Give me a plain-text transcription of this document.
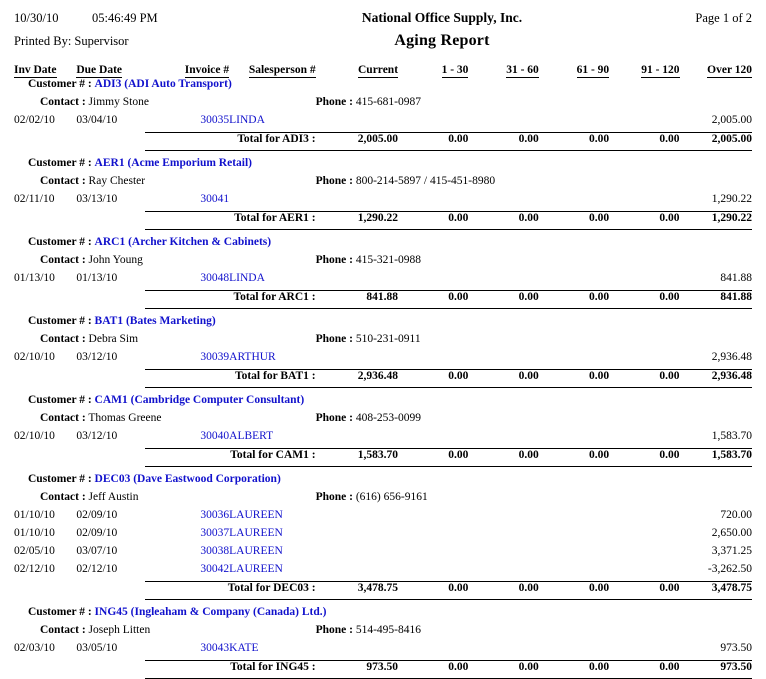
10/30/10	05:46:49 PM	National Office Supply, Inc.	Page 1 of 2
Printed By: Supervisor	Aging Report
Inv Date	Due Date	Invoice #	Salesperson #	Current	1 - 30	31 - 60	61 - 90	91 - 120	Over 120
Customer # : ADI3 (ADI Auto Transport)									
Contact : Jimmy Stone				Phone : 415-681-0987					
02/02/10	03/04/10	30035	LINDA						2,005.00
		Total for ADI3 :		2,005.00	0.00	0.00	0.00	0.00	2,005.00

Customer # : AER1 (Acme Emporium Retail)									
Contact : Ray Chester				Phone : 800-214-5897 / 415-451-8980					
02/11/10	03/13/10	30041							1,290.22
		Total for AER1 :		1,290.22	0.00	0.00	0.00	0.00	1,290.22

Customer # : ARC1 (Archer Kitchen & Cabinets)									
Contact : John Young				Phone : 415-321-0988					
01/13/10	01/13/10	30048	LINDA						841.88
		Total for ARC1 :		841.88	0.00	0.00	0.00	0.00	841.88

Customer # : BAT1 (Bates Marketing)									
Contact : Debra Sim				Phone : 510-231-0911					
02/10/10	03/12/10	30039	ARTHUR						2,936.48
		Total for BAT1 :		2,936.48	0.00	0.00	0.00	0.00	2,936.48

Customer # : CAM1 (Cambridge Computer Consultant)									
Contact : Thomas Greene				Phone : 408-253-0099					
02/10/10	03/12/10	30040	ALBERT						1,583.70
		Total for CAM1 :		1,583.70	0.00	0.00	0.00	0.00	1,583.70

Customer # : DEC03 (Dave Eastwood Corporation)									
Contact : Jeff Austin				Phone : (616) 656-9161					
01/10/10	02/09/10	30036	LAUREEN						720.00
01/10/10	02/09/10	30037	LAUREEN						2,650.00
02/05/10	03/07/10	30038	LAUREEN						3,371.25
02/12/10	02/12/10	30042	LAUREEN						-3,262.50
		Total for DEC03 :		3,478.75	0.00	0.00	0.00	0.00	3,478.75

Customer # : ING45 (Ingleaham & Company (Canada) Ltd.)									
Contact : Joseph Litten				Phone : 514-495-8416					
02/03/10	03/05/10	30043	KATE						973.50
		Total for ING45 :		973.50	0.00	0.00	0.00	0.00	973.50
